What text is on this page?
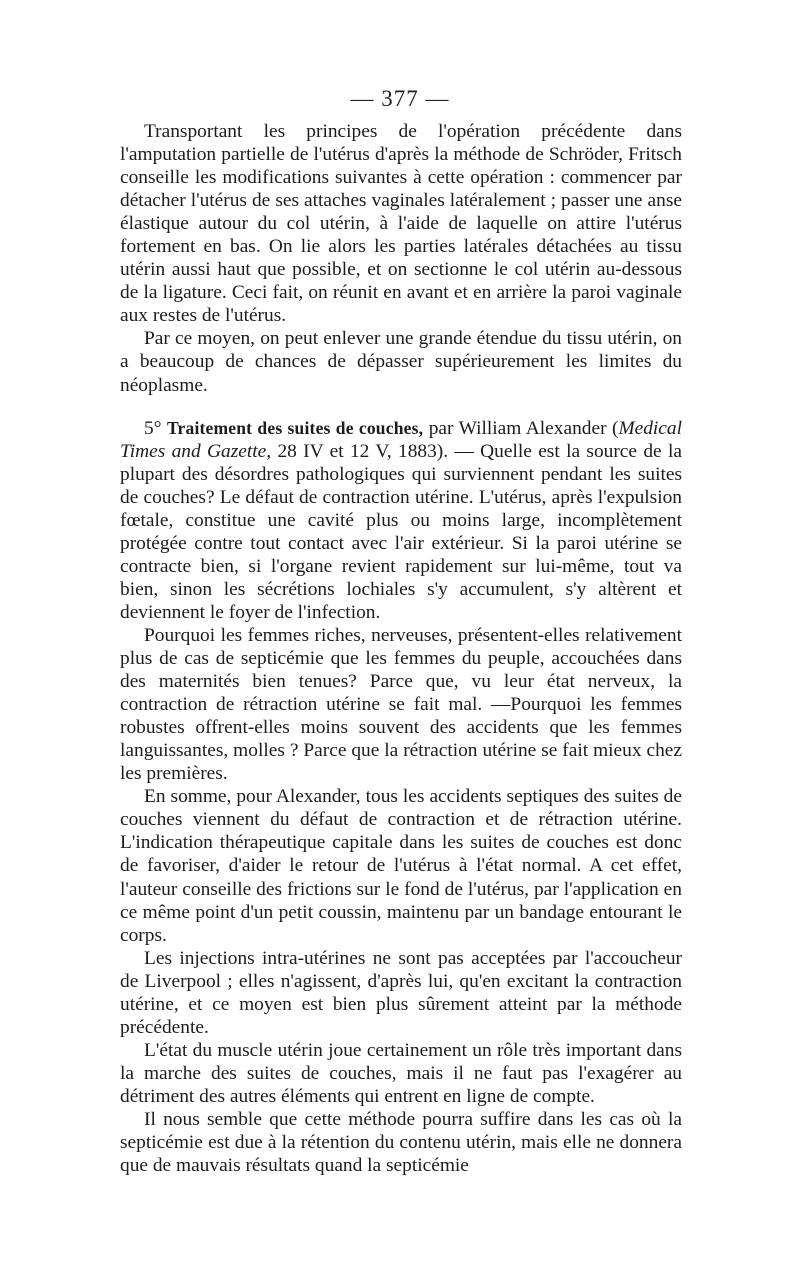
— 377 —

Transportant les principes de l'opération précédente dans l'amputation partielle de l'utérus d'après la méthode de Schröder, Fritsch conseille les modifications suivantes à cette opération : commencer par détacher l'utérus de ses attaches vaginales latéralement ; passer une anse élastique autour du col utérin, à l'aide de laquelle on attire l'utérus fortement en bas. On lie alors les parties latérales détachées au tissu utérin aussi haut que possible, et on sectionne le col utérin au-dessous de la ligature. Ceci fait, on réunit en avant et en arrière la paroi vaginale aux restes de l'utérus.

Par ce moyen, on peut enlever une grande étendue du tissu utérin, on a beaucoup de chances de dépasser supérieurement les limites du néoplasme.

5° Traitement des suites de couches, par William Alexander (Medical Times and Gazette, 28 IV et 12 V, 1883). — Quelle est la source de la plupart des désordres pathologiques qui surviennent pendant les suites de couches? Le défaut de contraction utérine. L'utérus, après l'expulsion fœtale, constitue une cavité plus ou moins large, incomplètement protégée contre tout contact avec l'air extérieur. Si la paroi utérine se contracte bien, si l'organe revient rapidement sur lui-même, tout va bien, sinon les sécrétions lochiales s'y accumulent, s'y altèrent et deviennent le foyer de l'infection.

Pourquoi les femmes riches, nerveuses, présentent-elles relativement plus de cas de septicémie que les femmes du peuple, accouchées dans des maternités bien tenues? Parce que, vu leur état nerveux, la contraction de rétraction utérine se fait mal. —Pourquoi les femmes robustes offrent-elles moins souvent des accidents que les femmes languissantes, molles ? Parce que la rétraction utérine se fait mieux chez les premières.

En somme, pour Alexander, tous les accidents septiques des suites de couches viennent du défaut de contraction et de rétraction utérine. L'indication thérapeutique capitale dans les suites de couches est donc de favoriser, d'aider le retour de l'utérus à l'état normal. A cet effet, l'auteur conseille des frictions sur le fond de l'utérus, par l'application en ce même point d'un petit coussin, maintenu par un bandage entourant le corps.

Les injections intra-utérines ne sont pas acceptées par l'accoucheur de Liverpool ; elles n'agissent, d'après lui, qu'en excitant la contraction utérine, et ce moyen est bien plus sûrement atteint par la méthode précédente.

L'état du muscle utérin joue certainement un rôle très important dans la marche des suites de couches, mais il ne faut pas l'exagérer au détriment des autres éléments qui entrent en ligne de compte.

Il nous semble que cette méthode pourra suffire dans les cas où la septicémie est due à la rétention du contenu utérin, mais elle ne donnera que de mauvais résultats quand la septicémie
